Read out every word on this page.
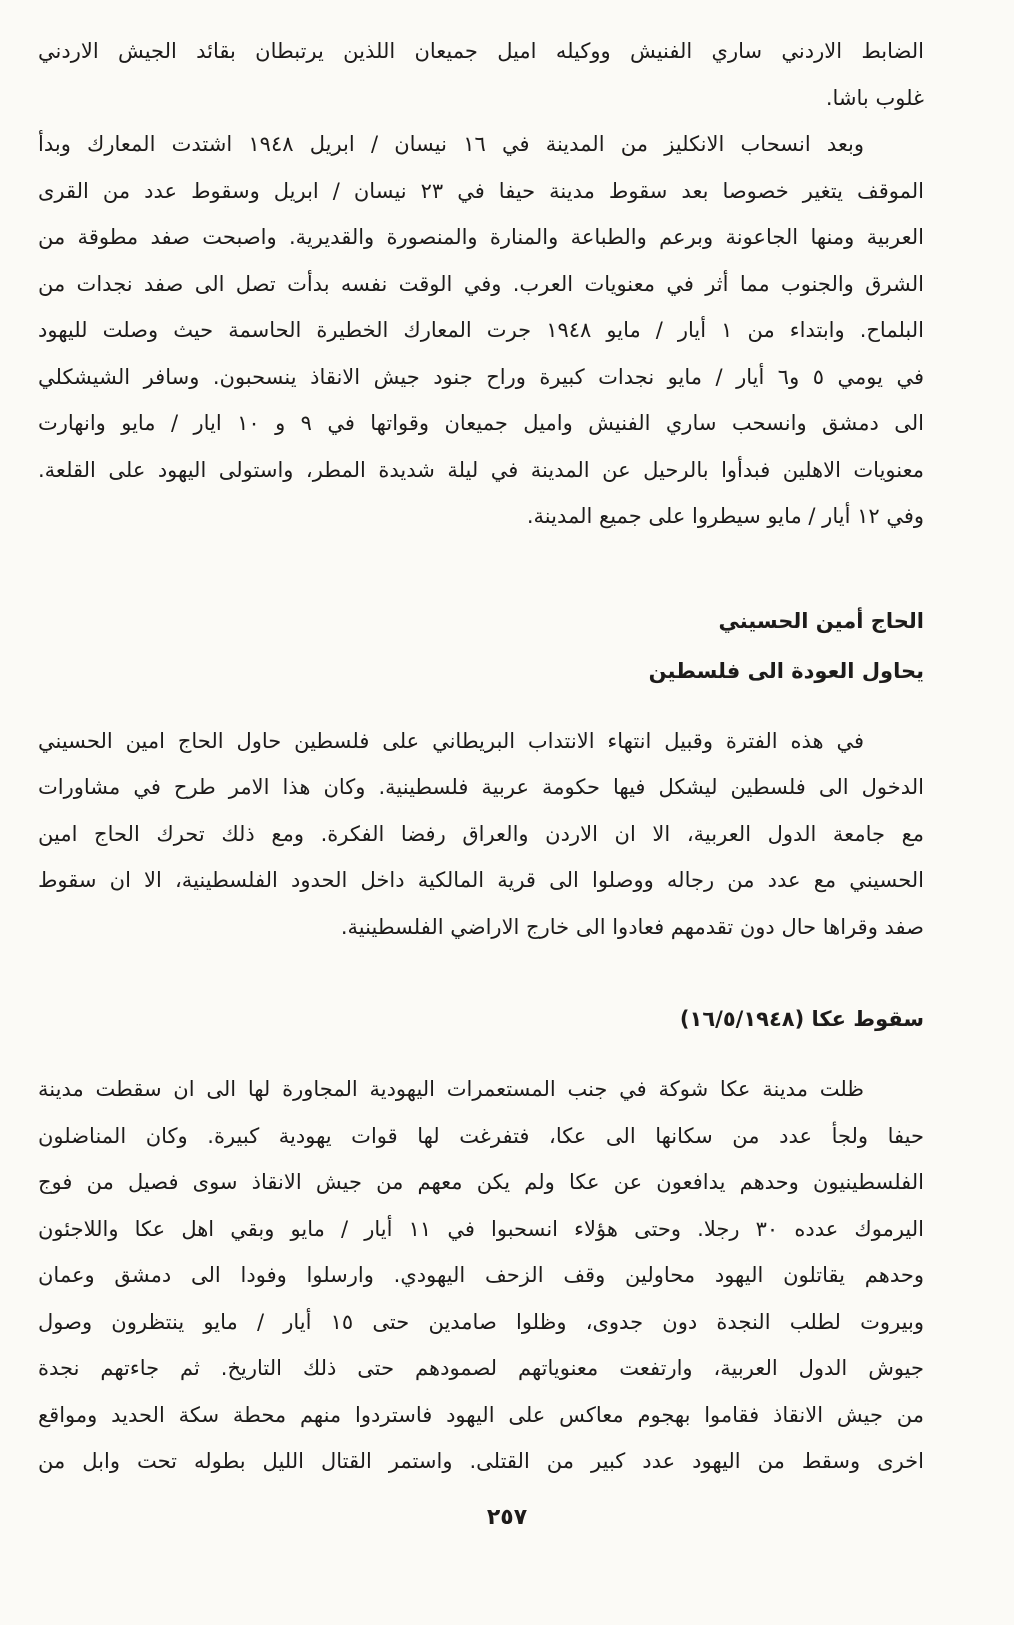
الضابط الاردني ساري الفنيش ووكيله اميل جميعان اللذين يرتبطان بقائد الجيش الاردني
غلوب باشا.
وبعد انسحاب الانكليز من المدينة في ١٦ نيسان / ابريل ١٩٤٨ اشتدت المعارك وبدأ
الموقف يتغير خصوصا بعد سقوط مدينة حيفا في ٢٣ نيسان / ابريل وسقوط عدد من القرى
العربية ومنها الجاعونة وبرعم والطباعة والمنارة والمنصورة والقديرية. واصبحت صفد مطوقة من
الشرق والجنوب مما أثر في معنويات العرب. وفي الوقت نفسه بدأت تصل الى صفد نجدات من
البلماح. وابتداء من ١ أيار / مايو ١٩٤٨ جرت المعارك الخطيرة الحاسمة حيث وصلت لليهود
في يومي ٥ و٦ أيار / مايو نجدات كبيرة وراح جنود جيش الانقاذ ينسحبون. وسافر الشيشكلي
الى دمشق وانسحب ساري الفنيش واميل جميعان وقواتها في ٩ و ١٠ ايار / مايو وانهارت
معنويات الاهلين فبدأوا بالرحيل عن المدينة في ليلة شديدة المطر، واستولى اليهود على القلعة.
وفي ١٢ أيار / مايو سيطروا على جميع المدينة.
الحاج أمين الحسيني
يحاول العودة الى فلسطين
في هذه الفترة وقبيل انتهاء الانتداب البريطاني على فلسطين حاول الحاج امين الحسيني
الدخول الى فلسطين ليشكل فيها حكومة عربية فلسطينية. وكان هذا الامر طرح في مشاورات
مع جامعة الدول العربية، الا ان الاردن والعراق رفضا الفكرة. ومع ذلك تحرك الحاج امين
الحسيني مع عدد من رجاله ووصلوا الى قرية المالكية داخل الحدود الفلسطينية، الا ان سقوط
صفد وقراها حال دون تقدمهم فعادوا الى خارج الاراضي الفلسطينية.
سقوط عكا (١٦/٥/١٩٤٨)
ظلت مدينة عكا شوكة في جنب المستعمرات اليهودية المجاورة لها الى ان سقطت مدينة
حيفا ولجأ عدد من سكانها الى عكا، فتفرغت لها قوات يهودية كبيرة. وكان المناضلون
الفلسطينيون وحدهم يدافعون عن عكا ولم يكن معهم من جيش الانقاذ سوى فصيل من فوج
اليرموك عدده ٣٠ رجلا. وحتى هؤلاء انسحبوا في ١١ أيار / مايو وبقي اهل عكا واللاجئون
وحدهم يقاتلون اليهود محاولين وقف الزحف اليهودي. وارسلوا وفودا الى دمشق وعمان
وبيروت لطلب النجدة دون جدوى، وظلوا صامدين حتى ١٥ أيار / مايو ينتظرون وصول
جيوش الدول العربية، وارتفعت معنوياتهم لصمودهم حتى ذلك التاريخ. ثم جاءتهم نجدة
من جيش الانقاذ فقاموا بهجوم معاكس على اليهود فاستردوا منهم محطة سكة الحديد ومواقع
اخرى وسقط من اليهود عدد كبير من القتلى. واستمر القتال الليل بطوله تحت وابل من
٢٥٧
